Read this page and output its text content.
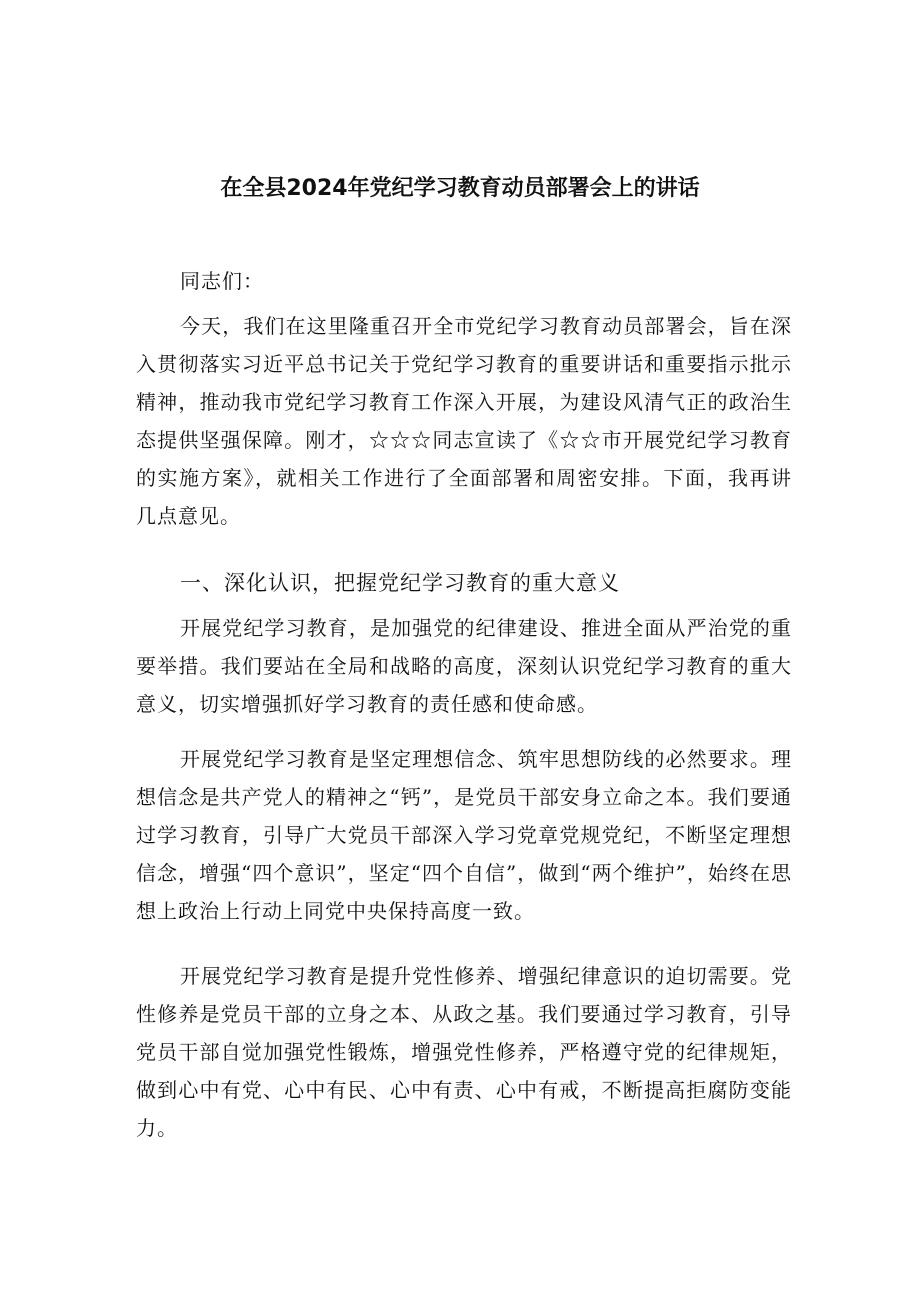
在全县2024年党纪学习教育动员部署会上的讲话
同志们：
今天，我们在这里隆重召开全市党纪学习教育动员部署会，旨在深入贯彻落实习近平总书记关于党纪学习教育的重要讲话和重要指示批示精神，推动我市党纪学习教育工作深入开展，为建设风清气正的政治生态提供坚强保障。刚才，☆☆☆同志宣读了《☆☆市开展党纪学习教育的实施方案》，就相关工作进行了全面部署和周密安排。下面，我再讲几点意见。
一、深化认识，把握党纪学习教育的重大意义
开展党纪学习教育，是加强党的纪律建设、推进全面从严治党的重要举措。我们要站在全局和战略的高度，深刻认识党纪学习教育的重大意义，切实增强抓好学习教育的责任感和使命感。
开展党纪学习教育是坚定理想信念、筑牢思想防线的必然要求。理想信念是共产党人的精神之“钙”，是党员干部安身立命之本。我们要通过学习教育，引导广大党员干部深入学习党章党规党纪，不断坚定理想信念，增强“四个意识”，坚定“四个自信”，做到“两个维护”，始终在思想上政治上行动上同党中央保持高度一致。
开展党纪学习教育是提升党性修养、增强纪律意识的迫切需要。党性修养是党员干部的立身之本、从政之基。我们要通过学习教育，引导党员干部自觉加强党性锻炼，增强党性修养，严格遵守党的纪律规矩，做到心中有党、心中有民、心中有责、心中有戒，不断提高拒腐防变能力。
